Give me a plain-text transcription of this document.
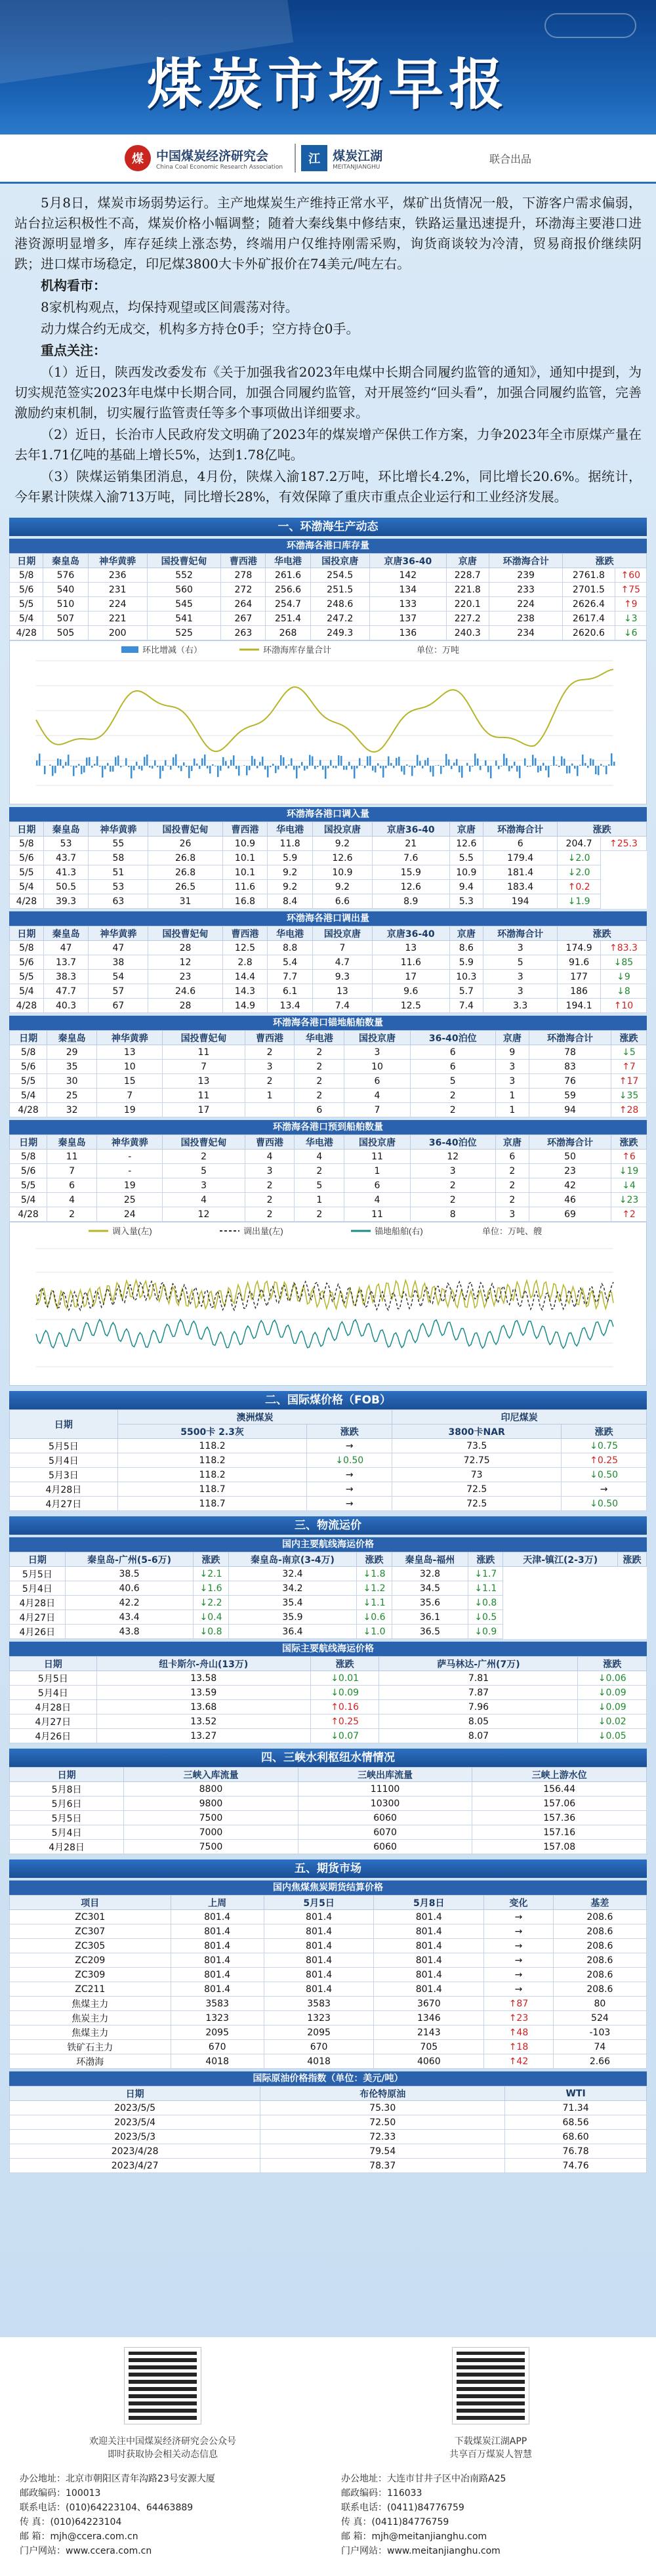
煤炭市场早报
煤	中国煤炭经济研究会
China Coal Economic Research Association
江	煤炭江湖
MEITANJIANGHU
联合出品

5月8日，煤炭市场弱势运行。主产地煤炭生产维持正常水平，煤矿出货情况一般，下游客户需求偏弱，站台拉运积极性不高，煤炭价格小幅调整；随着大秦线集中修结束，铁路运量迅速提升，环渤海主要港口进港资源明显增多，库存延续上涨态势，终端用户仅维持刚需采购，询货商谈较为冷清，贸易商报价继续阴跌；进口煤市场稳定，印尼煤3800大卡外矿报价在74美元/吨左右。

机构看市：

8家机构观点，均保持观望或区间震荡对待。

动力煤合约无成交，机构多方持仓0手；空方持仓0手。

重点关注：

（1）近日，陕西发改委发布《关于加强我省2023年电煤中长期合同履约监管的通知》，通知中提到，为切实规范签实2023年电煤中长期合同，加强合同履约监管，对开展签约“回头看”，加强合同履约监管，完善激励约束机制，切实履行监管责任等多个事项做出详细要求。

（2）近日，长治市人民政府发文明确了2023年的煤炭增产保供工作方案，力争2023年全市原煤产量在去年1.71亿吨的基础上增长5%，达到1.78亿吨。

（3）陕煤运销集团消息，4月份，陕煤入渝187.2万吨，环比增长4.2%，同比增长20.6%。据统计，今年累计陕煤入渝713万吨，同比增长28%，有效保障了重庆市重点企业运行和工业经济发展。

一、环渤海生产动态
环渤海各港口库存量
日期	秦皇岛	神华黄骅	国投曹妃甸	曹西港	华电港	国投京唐	京唐36-40	京唐	环渤海合计	涨跌	
5/8	576	236	552	278	261.6	254.5	142	228.7	239	2761.8	↑60
5/6	540	231	560	272	256.6	251.5	134	221.8	233	2701.5	↑75
5/5	510	224	545	264	254.7	248.6	133	220.1	224	2626.4	↑9
5/4	507	221	541	267	251.4	247.2	137	227.2	238	2617.4	↓3
4/28	505	200	525	263	268	249.3	136	240.3	234	2620.6	↓6
环比增减（右）	环渤海库存量合计	单位：万吨
环渤海各港口调入量
日期	秦皇岛	神华黄骅	国投曹妃甸	曹西港	华电港	国投京唐	京唐36-40	京唐	环渤海合计	涨跌	
5/8	53	55	26	10.9	11.8	9.2	21	12.6	6	204.7	↑25.3
5/6	43.7	58	26.8	10.1	5.9	12.6	7.6	5.5	179.4	↓2.0	
5/5	41.3	51	26.8	10.1	9.2	10.9	15.9	10.9	181.4	↓2.0	
5/4	50.5	53	26.5	11.6	9.2	9.2	12.6	9.4	183.4	↑0.2	
4/28	39.3	63	31	16.8	8.4	6.6	8.9	5.3	194	↓1.9	
环渤海各港口调出量
日期	秦皇岛	神华黄骅	国投曹妃甸	曹西港	华电港	国投京唐	京唐36-40	京唐	环渤海合计	涨跌	
5/8	47	47	28	12.5	8.8	7	13	8.6	3	174.9	↑83.3
5/6	13.7	38	12	2.8	5.4	4.7	11.6	5.9	5	91.6	↓85
5/5	38.3	54	23	14.4	7.7	9.3	17	10.3	3	177	↓9
5/4	47.7	57	24.6	14.3	6.1	13	9.6	5.7	3	186	↓8
4/28	40.3	67	28	14.9	13.4	7.4	12.5	7.4	3.3	194.1	↑10
环渤海各港口锚地船舶数量
日期	秦皇岛	神华黄骅	国投曹妃甸	曹西港	华电港	国投京唐	36-40泊位	京唐	环渤海合计	涨跌
5/8	29	13	11	2	2	3	6	9	78	↓5
5/6	35	10	7	3	2	10	6	3	83	↑7
5/5	30	15	13	2	2	6	5	3	76	↑17
5/4	25	7	11	1	2	4	2	1	59	↓35
4/28	32	19	17		6	7	2	1	94	↑28
环渤海各港口预到船舶数量
日期	秦皇岛	神华黄骅	国投曹妃甸	曹西港	华电港	国投京唐	36-40泊位	京唐	环渤海合计	涨跌
5/8	11	-	2	4	4	11	12	6	50	↑6
5/6	7	-	5	3	2	1	3	2	23	↓19
5/5	6	19	3	2	5	6	2	2	42	↓4
5/4	4	25	4	2	1	4	2	2	46	↓23
4/28	2	24	12	2	2	11	8	3	69	↑2
调入量(左)	调出量(左)	锚地船舶(右)	单位：万吨、艘
二、国际煤价格（FOB）
日期	澳洲煤炭		印尼煤炭	
	5500卡 2.3灰	涨跌	3800卡NAR	涨跌
5月5日	118.2	→	73.5	↓0.75
5月4日	118.2	↓0.50	72.75	↑0.25
5月3日	118.2	→	73	↓0.50
4月28日	118.7	→	72.5	→
4月27日	118.7	→	72.5	↓0.50
三、物流运价
国内主要航线海运价格
日期	秦皇岛-广州(5-6万)	涨跌	秦皇岛-南京(3-4万)	涨跌	秦皇岛-福州	涨跌	天津-镇江(2-3万)	涨跌
5月5日	38.5	↓2.1	32.4	↓1.8	32.8	↓1.7		
5月4日	40.6	↓1.6	34.2	↓1.2	34.5	↓1.1		
4月28日	42.2	↓2.2	35.4	↓1.1	35.6	↓0.8		
4月27日	43.4	↓0.4	35.9	↓0.6	36.1	↓0.5		
4月26日	43.8	↓0.8	36.4	↓1.0	36.5	↓0.9		
国际主要航线海运价格
日期	纽卡斯尔-舟山(13万)	涨跌	萨马林达-广州(7万)	涨跌
5月5日	13.58	↓0.01	7.81	↓0.06
5月4日	13.59	↓0.09	7.87	↓0.09
4月28日	13.68	↑0.16	7.96	↓0.09
4月27日	13.52	↑0.25	8.05	↓0.02
4月26日	13.27	↓0.07	8.07	↓0.05
四、三峡水利枢纽水情情况
日期	三峡入库流量	三峡出库流量	三峡上游水位
5月8日	8800	11100	156.44
5月6日	9800	10300	157.06
5月5日	7500	6060	157.36
5月4日	7000	6070	157.16
4月28日	7500	6060	157.08
五、期货市场
国内焦煤焦炭期货结算价格
项目	上周	5月5日	5月8日	变化	基差
ZC301	801.4	801.4	801.4	→	208.6
ZC307	801.4	801.4	801.4	→	208.6
ZC305	801.4	801.4	801.4	→	208.6
ZC209	801.4	801.4	801.4	→	208.6
ZC309	801.4	801.4	801.4	→	208.6
ZC211	801.4	801.4	801.4	→	208.6
焦煤主力	3583	3583	3670	↑87	80
焦炭主力	1323	1323	1346	↑23	524
焦煤主力	2095	2095	2143	↑48	-103
铁矿石主力	670	670	705	↑18	74
环渤海	4018	4018	4060	↑42	2.66
国际原油价格指数（单位：美元/吨）
日期	布伦特原油	WTI
2023/5/5	75.30	71.34
2023/5/4	72.50	68.56
2023/5/3	72.33	68.60
2023/4/28	79.54	76.78
2023/4/27	78.37	74.76
欢迎关注中国煤炭经济研究会公众号
即时获取协会相关动态信息
下载煤炭江湖APP
共享百万煤炭人智慧
办公地址：北京市朝阳区青年沟路23号安源大厦
邮政编码：100013
联系电话：(010)64223104、64463889
传 真：(010)64223104
邮 箱：mjh@ccera.com.cn
门户网站：www.ccera.com.cn
办公地址：大连市甘井子区中冶南路A25
邮政编码：116033
联系电话：(0411)84776759
传 真：(0411)84776759
邮 箱：mjh@meitanjianghu.com
门户网站：www.meitanjianghu.com
